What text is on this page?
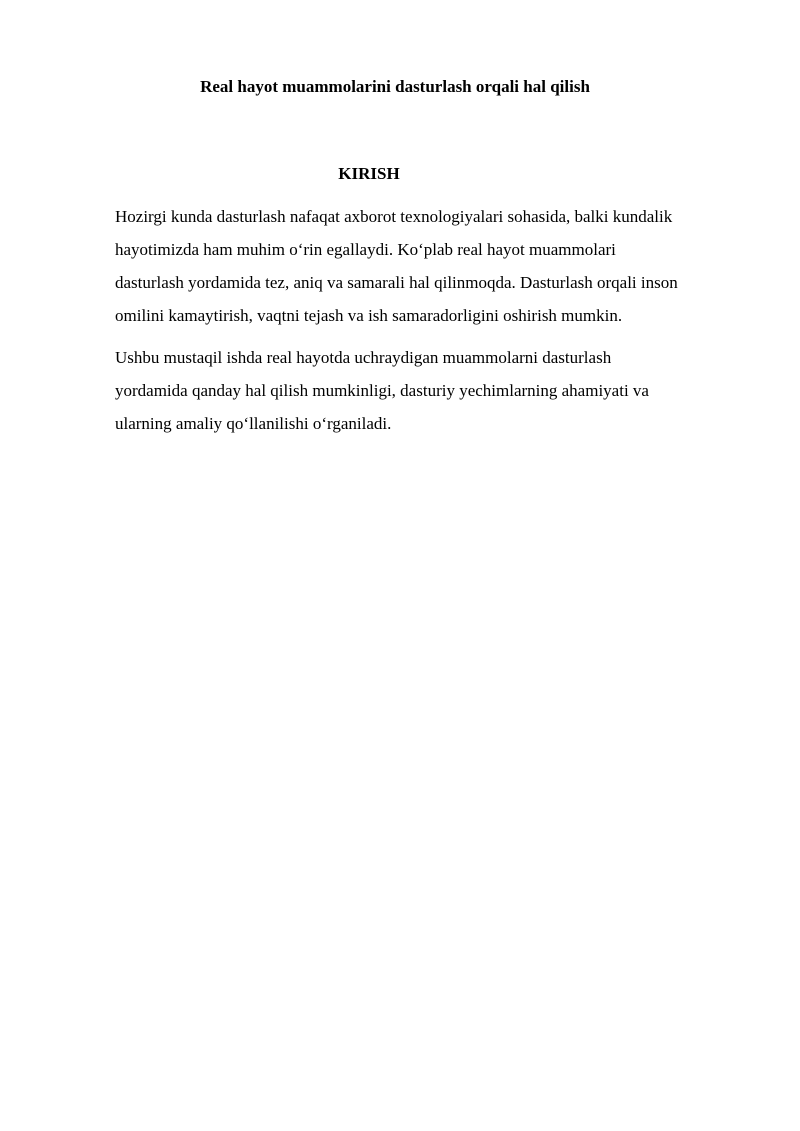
Real hayot muammolarini dasturlash orqali hal qilish
KIRISH

Hozirgi kunda dasturlash nafaqat axborot texnologiyalari sohasida, balki kundalik
hayotimizda ham muhim o‘rin egallaydi. Ko‘plab real hayot muammolari
dasturlash yordamida tez, aniq va samarali hal qilinmoqda. Dasturlash orqali inson
omilini kamaytirish, vaqtni tejash va ish samaradorligini oshirish mumkin.

Ushbu mustaqil ishda real hayotda uchraydigan muammolarni dasturlash
yordamida qanday hal qilish mumkinligi, dasturiy yechimlarning ahamiyati va
ularning amaliy qo‘llanilishi o‘rganiladi.
